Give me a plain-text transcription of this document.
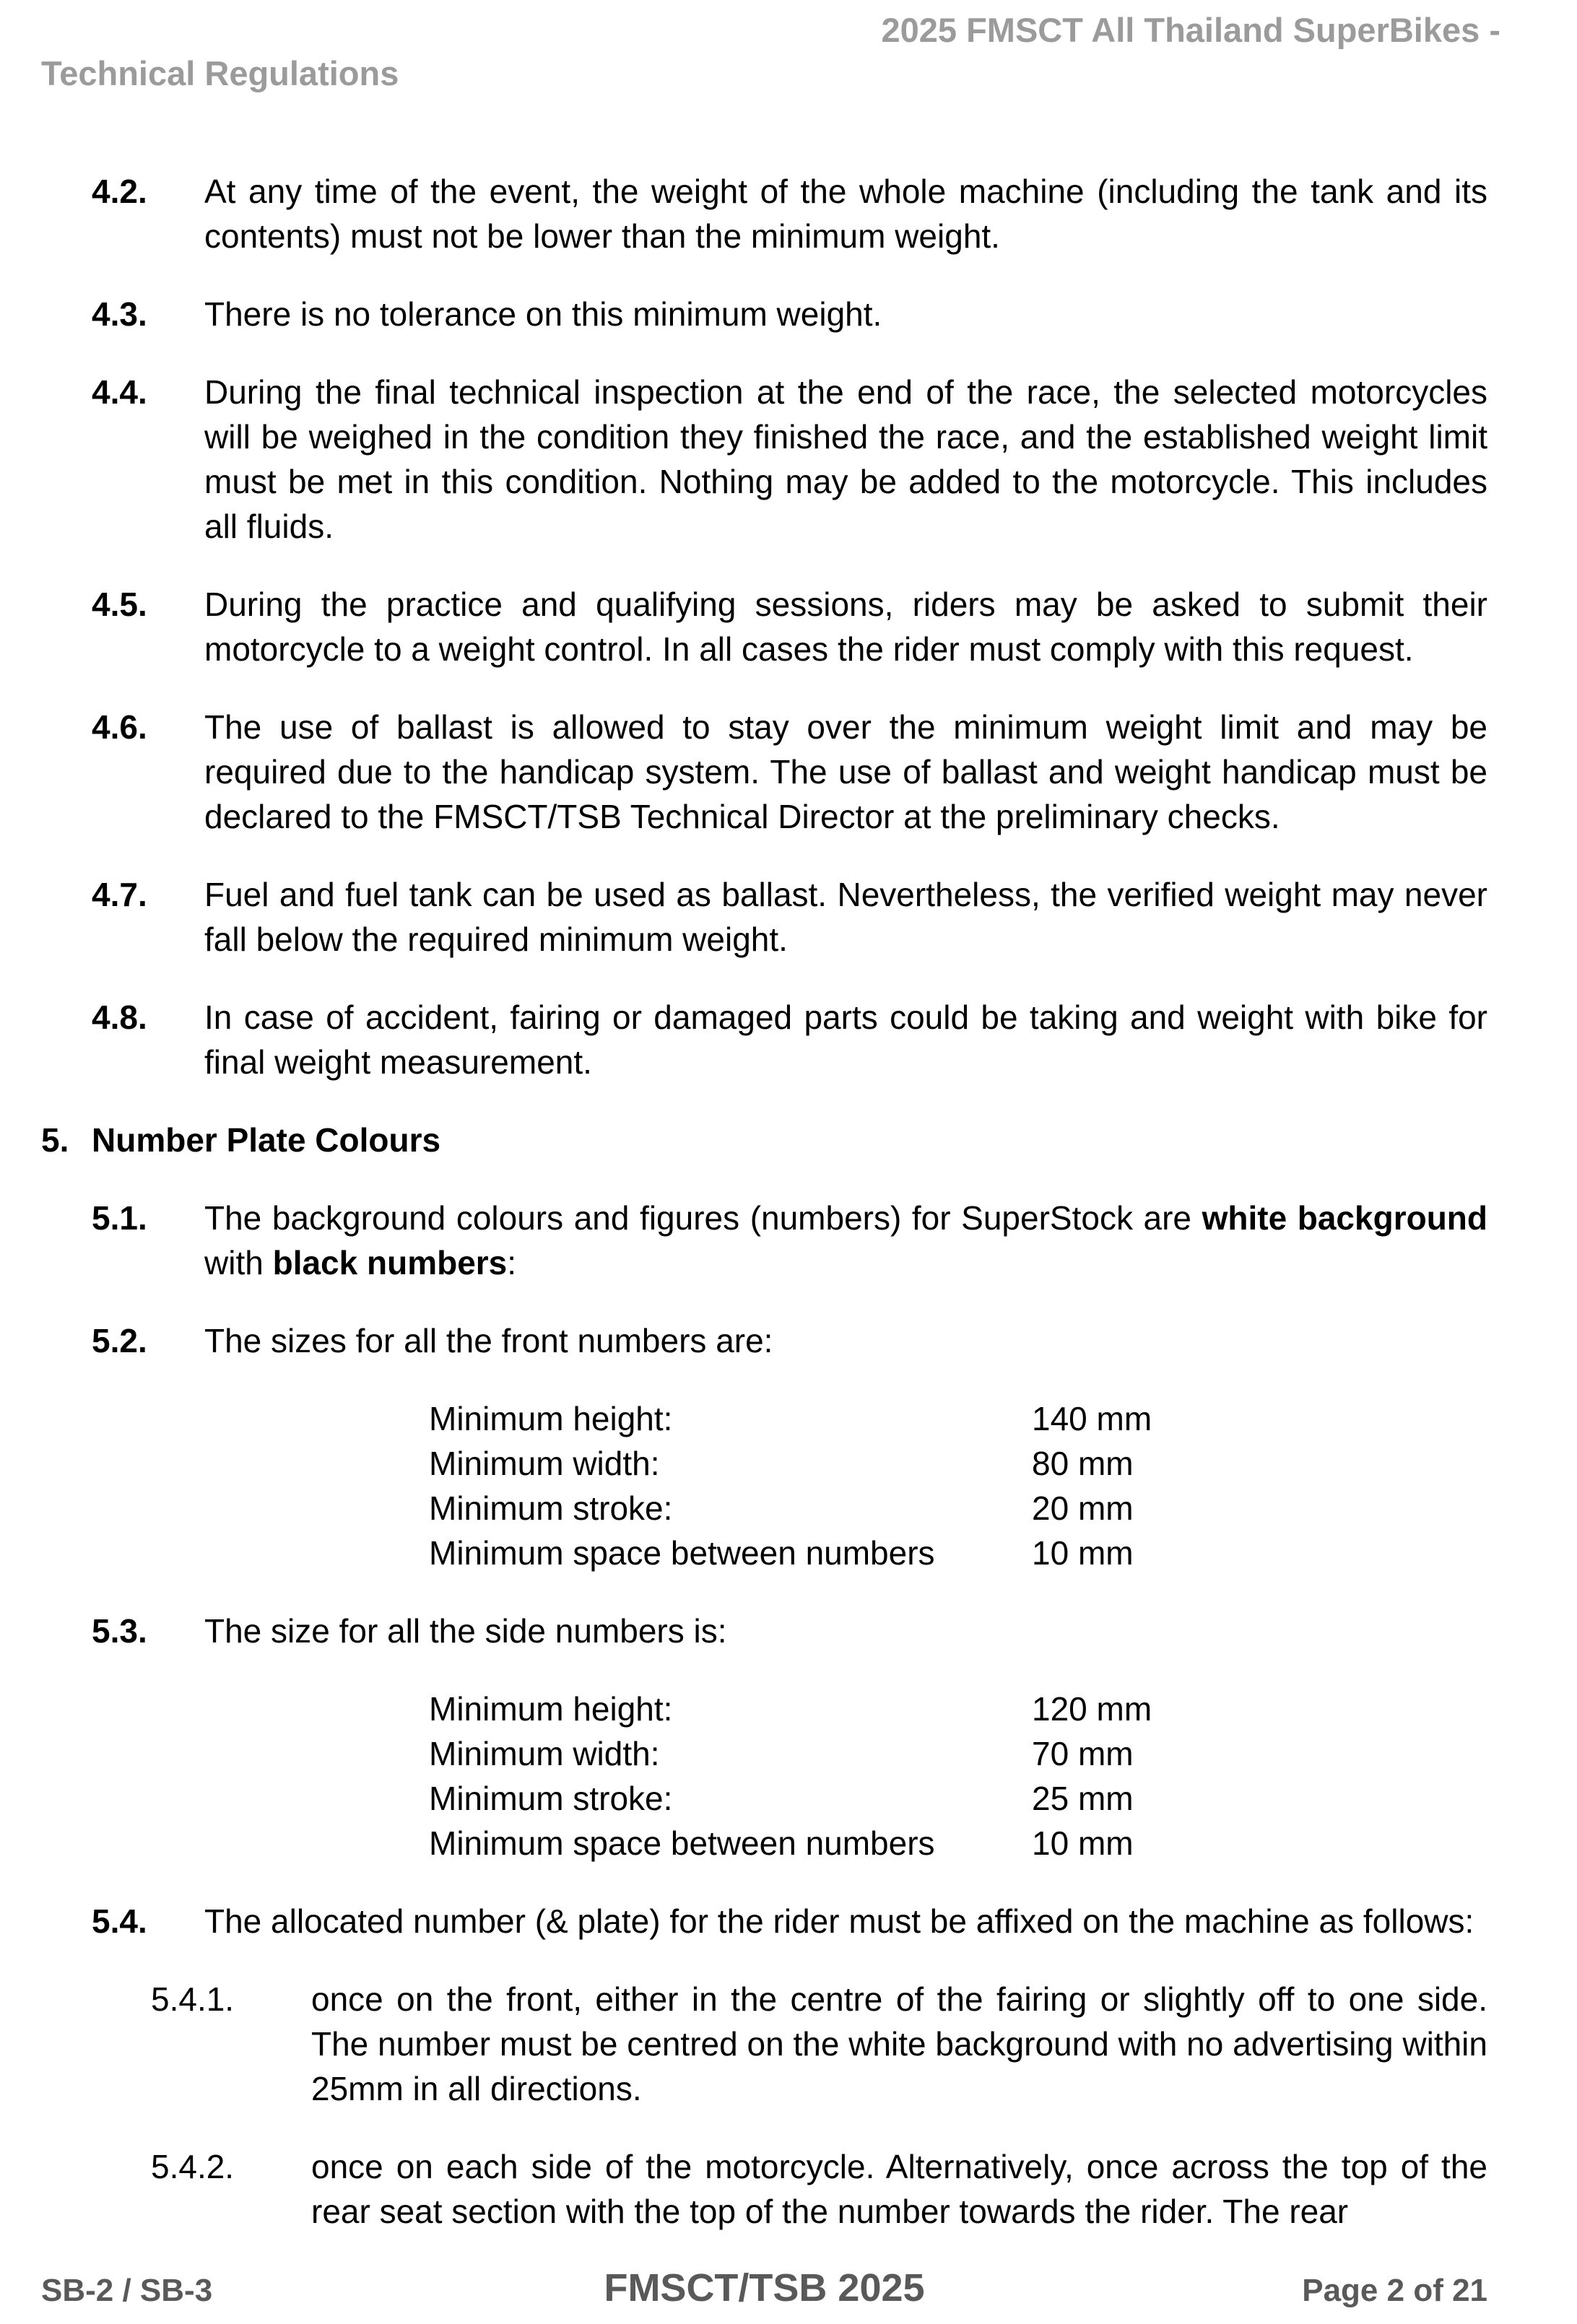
2025 FMSCT All Thailand SuperBikes -
Technical Regulations
4.2.	At any time of the event, the weight of the whole machine (including the tank and its contents) must not be lower than the minimum weight.

4.3.	There is no tolerance on this minimum weight.

4.4.	During the final technical inspection at the end of the race, the selected motorcycles will be weighed in the condition they finished the race, and the established weight limit must be met in this condition. Nothing may be added to the motorcycle. This includes all fluids.

4.5.	During the practice and qualifying sessions, riders may be asked to submit their motorcycle to a weight control. In all cases the rider must comply with this request.

4.6.	The use of ballast is allowed to stay over the minimum weight limit and may be required due to the handicap system. The use of ballast and weight handicap must be declared to the FMSCT/TSB Technical Director at the preliminary checks.

4.7.	Fuel and fuel tank can be used as ballast. Nevertheless, the verified weight may never fall below the required minimum weight.

4.8.	In case of accident, fairing or damaged parts could be taking and weight with bike for final weight measurement.

5. Number Plate Colours
5.1.	The background colours and figures (numbers) for SuperStock are white background with black numbers:

5.2.	The sizes for all the front numbers are:

Minimum height:	140 mm
Minimum width:	80 mm
Minimum stroke:	20 mm
Minimum space between numbers	10 mm
5.3.	The size for all the side numbers is:

Minimum height:	120 mm
Minimum width:	70 mm
Minimum stroke:	25 mm
Minimum space between numbers	10 mm
5.4.	The allocated number (& plate) for the rider must be affixed on the machine as follows:

5.4.1.	once on the front, either in the centre of the fairing or slightly off to one side. The number must be centred on the white background with no advertising within 25mm in all directions.

5.4.2.	once on each side of the motorcycle. Alternatively, once across the top of the rear seat section with the top of the number towards the rider. The rear

SB-2 / SB-3	FMSCT/TSB 2025	Page 2 of 21
